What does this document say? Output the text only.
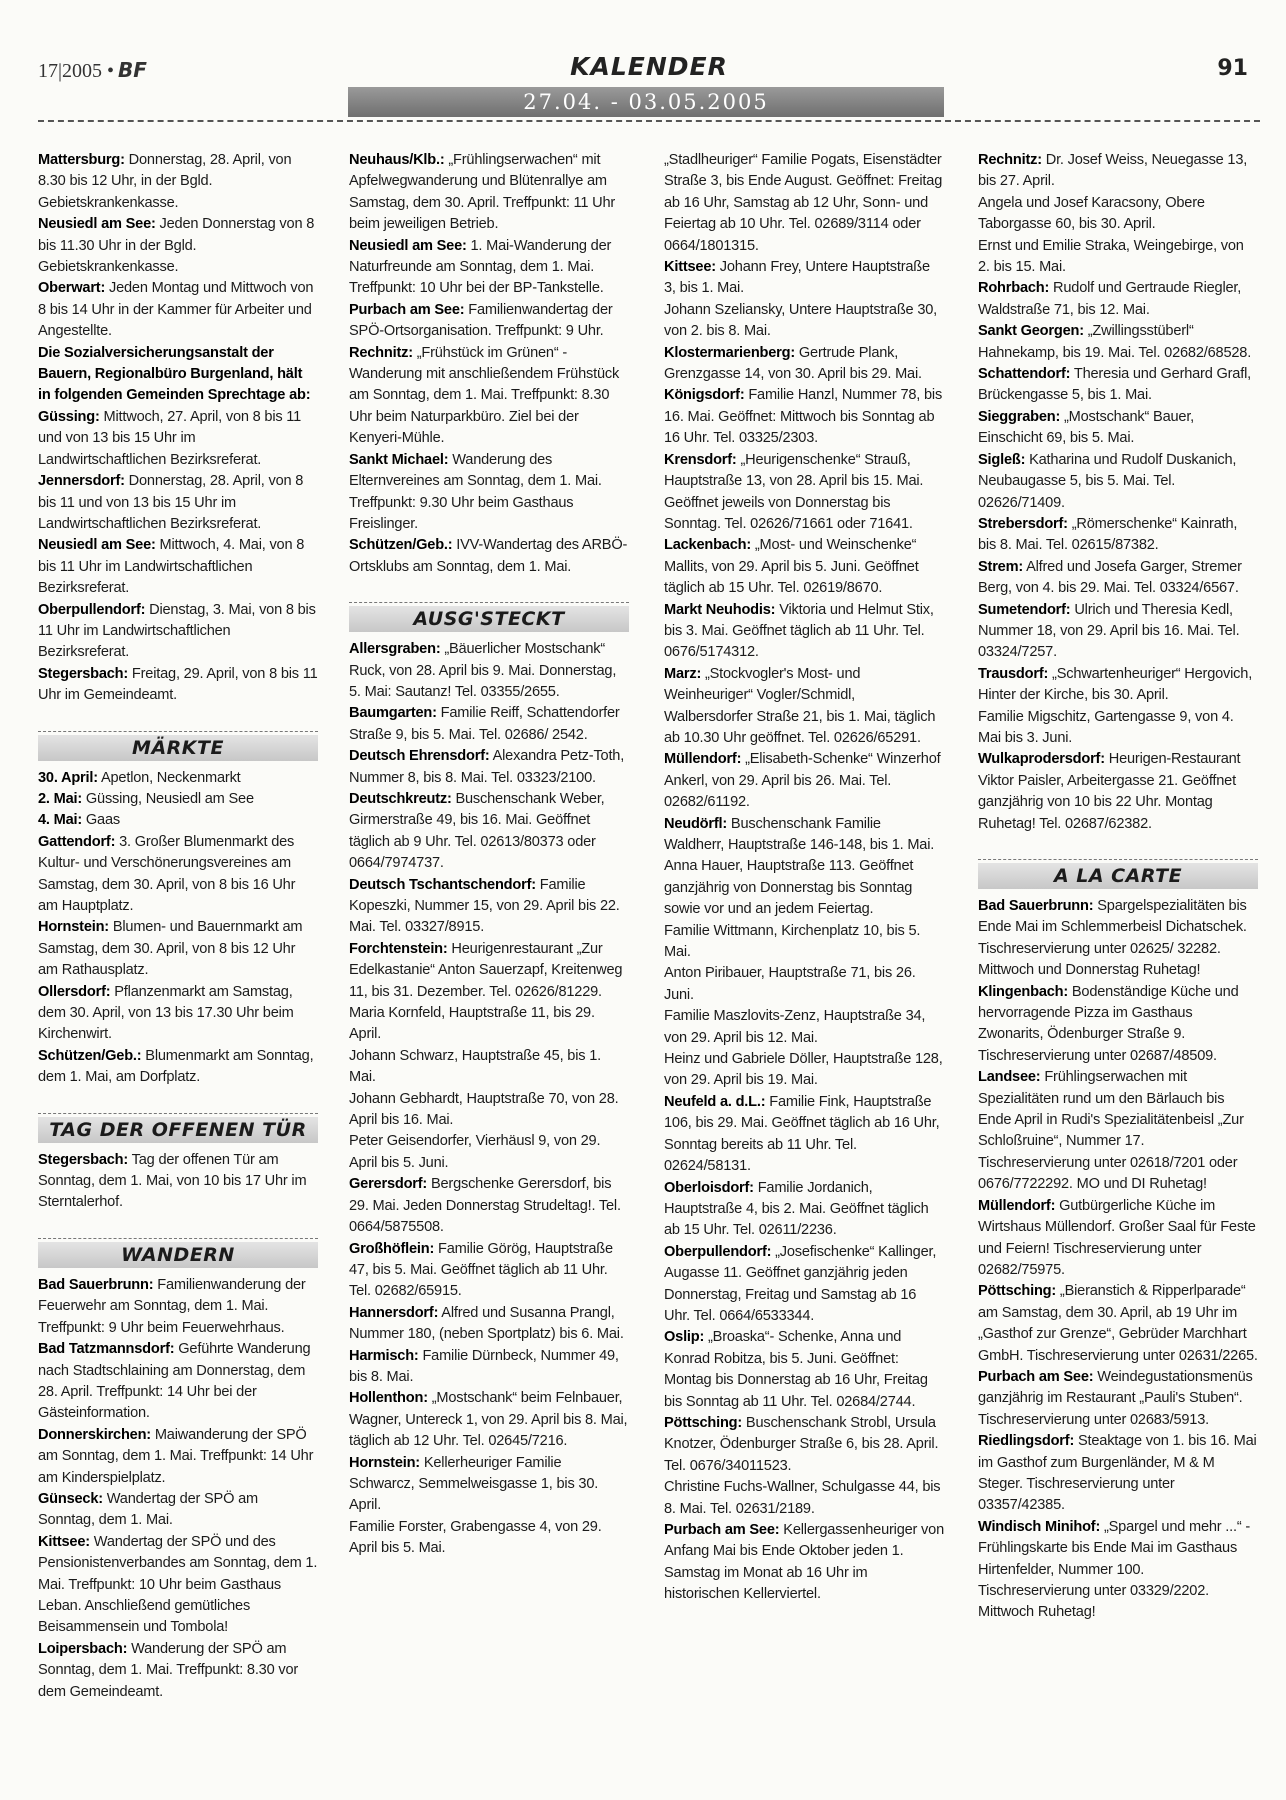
17|2005 • BF	KALENDER	91
27.04. - 03.05.2005

Mattersburg: Donnerstag, 28. April, von 8.30 bis 12 Uhr, in der Bgld. Gebietskrankenkasse.

Neusiedl am See: Jeden Donnerstag von 8 bis 11.30 Uhr in der Bgld. Gebietskrankenkasse.

Oberwart: Jeden Montag und Mittwoch von 8 bis 14 Uhr in der Kammer für Arbeiter und Angestellte.

Die Sozialversicherungsanstalt der Bauern, Regionalbüro Burgenland, hält in folgenden Gemeinden Sprechtage ab:

Güssing: Mittwoch, 27. April, von 8 bis 11 und von 13 bis 15 Uhr im Landwirtschaftlichen Bezirksreferat.

Jennersdorf: Donnerstag, 28. April, von 8 bis 11 und von 13 bis 15 Uhr im Landwirtschaftlichen Bezirksreferat.

Neusiedl am See: Mittwoch, 4. Mai, von 8 bis 11 Uhr im Landwirtschaftlichen Bezirksreferat.

Oberpullendorf: Dienstag, 3. Mai, von 8 bis 11 Uhr im Landwirtschaftlichen Bezirksreferat.

Stegersbach: Freitag, 29. April, von 8 bis 11 Uhr im Gemeindeamt.

MÄRKTE

30. April: Apetlon, Neckenmarkt

2. Mai: Güssing, Neusiedl am See

4. Mai: Gaas

Gattendorf: 3. Großer Blumenmarkt des Kultur- und Verschönerungsvereines am Samstag, dem 30. April, von 8 bis 16 Uhr am Hauptplatz.

Hornstein: Blumen- und Bauernmarkt am Samstag, dem 30. April, von 8 bis 12 Uhr am Rathausplatz.

Ollersdorf: Pflanzenmarkt am Samstag, dem 30. April, von 13 bis 17.30 Uhr beim Kirchenwirt.

Schützen/Geb.: Blumenmarkt am Sonntag, dem 1. Mai, am Dorfplatz.

TAG DER OFFENEN TÜR

Stegersbach: Tag der offenen Tür am Sonntag, dem 1. Mai, von 10 bis 17 Uhr im Sterntalerhof.

WANDERN

Bad Sauerbrunn: Familienwanderung der Feuerwehr am Sonntag, dem 1. Mai. Treffpunkt: 9 Uhr beim Feuerwehrhaus.

Bad Tatzmannsdorf: Geführte Wanderung nach Stadtschlaining am Donnerstag, dem 28. April. Treffpunkt: 14 Uhr bei der Gästeinformation.

Donnerskirchen: Maiwanderung der SPÖ am Sonntag, dem 1. Mai. Treffpunkt: 14 Uhr am Kinderspielplatz.

Günseck: Wandertag der SPÖ am Sonntag, dem 1. Mai.

Kittsee: Wandertag der SPÖ und des Pensionistenverbandes am Sonntag, dem 1. Mai. Treffpunkt: 10 Uhr beim Gasthaus Leban. Anschließend gemütliches Beisammensein und Tombola!

Loipersbach: Wanderung der SPÖ am Sonntag, dem 1. Mai. Treffpunkt: 8.30 vor dem Gemeindeamt.

Neuhaus/Klb.: „Frühlingserwachen“ mit Apfelwegwanderung und Blütenrallye am Samstag, dem 30. April. Treffpunkt: 11 Uhr beim jeweiligen Betrieb.

Neusiedl am See: 1. Mai-Wanderung der Naturfreunde am Sonntag, dem 1. Mai. Treffpunkt: 10 Uhr bei der BP-Tankstelle.

Purbach am See: Familienwandertag der SPÖ-Ortsorganisation. Treffpunkt: 9 Uhr.

Rechnitz: „Frühstück im Grünen“ - Wanderung mit anschließendem Frühstück am Sonntag, dem 1. Mai. Treffpunkt: 8.30 Uhr beim Naturparkbüro. Ziel bei der Kenyeri-Mühle.

Sankt Michael: Wanderung des Elternvereines am Sonntag, dem 1. Mai. Treffpunkt: 9.30 Uhr beim Gasthaus Freislinger.

Schützen/Geb.: IVV-Wandertag des ARBÖ-Ortsklubs am Sonntag, dem 1. Mai.

AUSG'STECKT

Allersgraben: „Bäuerlicher Mostschank“ Ruck, von 28. April bis 9. Mai. Donnerstag, 5. Mai: Sautanz! Tel. 03355/2655.

Baumgarten: Familie Reiff, Schattendorfer Straße 9, bis 5. Mai. Tel. 02686/ 2542.

Deutsch Ehrensdorf: Alexandra Petz-Toth, Nummer 8, bis 8. Mai. Tel. 03323/2100.

Deutschkreutz: Buschenschank Weber, Girmerstraße 49, bis 16. Mai. Geöffnet täglich ab 9 Uhr. Tel. 02613/80373 oder 0664/7974737.

Deutsch Tschantschendorf: Familie Kopeszki, Nummer 15, von 29. April bis 22. Mai. Tel. 03327/8915.

Forchtenstein: Heurigenrestaurant „Zur Edelkastanie“ Anton Sauerzapf, Kreitenweg 11, bis 31. Dezember. Tel. 02626/81229.

Maria Kornfeld, Hauptstraße 11, bis 29. April.

Johann Schwarz, Hauptstraße 45, bis 1. Mai.

Johann Gebhardt, Hauptstraße 70, von 28. April bis 16. Mai.

Peter Geisendorfer, Vierhäusl 9, von 29. April bis 5. Juni.

Gerersdorf: Bergschenke Gerersdorf, bis 29. Mai. Jeden Donnerstag Strudeltag!. Tel. 0664/5875508.

Großhöflein: Familie Görög, Hauptstraße 47, bis 5. Mai. Geöffnet täglich ab 11 Uhr. Tel. 02682/65915.

Hannersdorf: Alfred und Susanna Prangl, Nummer 180, (neben Sportplatz) bis 6. Mai.

Harmisch: Familie Dürnbeck, Nummer 49, bis 8. Mai.

Hollenthon: „Mostschank“ beim Felnbauer, Wagner, Untereck 1, von 29. April bis 8. Mai, täglich ab 12 Uhr. Tel. 02645/7216.

Hornstein: Kellerheuriger Familie Schwarcz, Semmelweisgasse 1, bis 30. April.

Familie Forster, Grabengasse 4, von 29. April bis 5. Mai.

„Stadlheuriger“ Familie Pogats, Eisenstädter Straße 3, bis Ende August. Geöffnet: Freitag ab 16 Uhr, Samstag ab 12 Uhr, Sonn- und Feiertag ab 10 Uhr. Tel. 02689/3114 oder 0664/1801315.

Kittsee: Johann Frey, Untere Hauptstraße 3, bis 1. Mai.

Johann Szeliansky, Untere Hauptstraße 30, von 2. bis 8. Mai.

Klostermarienberg: Gertrude Plank, Grenzgasse 14, von 30. April bis 29. Mai.

Königsdorf: Familie Hanzl, Nummer 78, bis 16. Mai. Geöffnet: Mittwoch bis Sonntag ab 16 Uhr. Tel. 03325/2303.

Krensdorf: „Heurigenschenke“ Strauß, Hauptstraße 13, von 28. April bis 15. Mai. Geöffnet jeweils von Donnerstag bis Sonntag. Tel. 02626/71661 oder 71641.

Lackenbach: „Most- und Weinschenke“ Mallits, von 29. April bis 5. Juni. Geöffnet täglich ab 15 Uhr. Tel. 02619/8670.

Markt Neuhodis: Viktoria und Helmut Stix, bis 3. Mai. Geöffnet täglich ab 11 Uhr. Tel. 0676/5174312.

Marz: „Stockvogler's Most- und Weinheuriger“ Vogler/Schmidl, Walbersdorfer Straße 21, bis 1. Mai, täglich ab 10.30 Uhr geöffnet. Tel. 02626/65291.

Müllendorf: „Elisabeth-Schenke“ Winzerhof Ankerl, von 29. April bis 26. Mai. Tel. 02682/61192.

Neudörfl: Buschenschank Familie Waldherr, Hauptstraße 146-148, bis 1. Mai.

Anna Hauer, Hauptstraße 113. Geöffnet ganzjährig von Donnerstag bis Sonntag sowie vor und an jedem Feiertag.

Familie Wittmann, Kirchenplatz 10, bis 5. Mai.

Anton Piribauer, Hauptstraße 71, bis 26. Juni.

Familie Maszlovits-Zenz, Hauptstraße 34, von 29. April bis 12. Mai.

Heinz und Gabriele Döller, Hauptstraße 128, von 29. April bis 19. Mai.

Neufeld a. d.L.: Familie Fink, Hauptstraße 106, bis 29. Mai. Geöffnet täglich ab 16 Uhr, Sonntag bereits ab 11 Uhr. Tel. 02624/58131.

Oberloisdorf: Familie Jordanich, Hauptstraße 4, bis 2. Mai. Geöffnet täglich ab 15 Uhr. Tel. 02611/2236.

Oberpullendorf: „Josefischenke“ Kallinger, Augasse 11. Geöffnet ganzjährig jeden Donnerstag, Freitag und Samstag ab 16 Uhr. Tel. 0664/6533344.

Oslip: „Broaska“- Schenke, Anna und Konrad Robitza, bis 5. Juni. Geöffnet: Montag bis Donnerstag ab 16 Uhr, Freitag bis Sonntag ab 11 Uhr. Tel. 02684/2744.

Pöttsching: Buschenschank Strobl, Ursula Knotzer, Ödenburger Straße 6, bis 28. April. Tel. 0676/34011523.

Christine Fuchs-Wallner, Schulgasse 44, bis 8. Mai. Tel. 02631/2189.

Purbach am See: Kellergassenheuriger von Anfang Mai bis Ende Oktober jeden 1. Samstag im Monat ab 16 Uhr im historischen Kellerviertel.

Rechnitz: Dr. Josef Weiss, Neuegasse 13, bis 27. April.

Angela und Josef Karacsony, Obere Taborgasse 60, bis 30. April.

Ernst und Emilie Straka, Weingebirge, von 2. bis 15. Mai.

Rohrbach: Rudolf und Gertraude Riegler, Waldstraße 71, bis 12. Mai.

Sankt Georgen: „Zwillingsstüberl“ Hahnekamp, bis 19. Mai. Tel. 02682/68528.

Schattendorf: Theresia und Gerhard Grafl, Brückengasse 5, bis 1. Mai.

Sieggraben: „Mostschank“ Bauer, Einschicht 69, bis 5. Mai.

Sigleß: Katharina und Rudolf Duskanich, Neubaugasse 5, bis 5. Mai. Tel. 02626/71409.

Strebersdorf: „Römerschenke“ Kainrath, bis 8. Mai. Tel. 02615/87382.

Strem: Alfred und Josefa Garger, Stremer Berg, von 4. bis 29. Mai. Tel. 03324/6567.

Sumetendorf: Ulrich und Theresia Kedl, Nummer 18, von 29. April bis 16. Mai. Tel. 03324/7257.

Trausdorf: „Schwartenheuriger“ Hergovich, Hinter der Kirche, bis 30. April.

Familie Migschitz, Gartengasse 9, von 4. Mai bis 3. Juni.

Wulkaprodersdorf: Heurigen-Restaurant Viktor Paisler, Arbeitergasse 21. Geöffnet ganzjährig von 10 bis 22 Uhr. Montag Ruhetag! Tel. 02687/62382.

A LA CARTE

Bad Sauerbrunn: Spargelspezialitäten bis Ende Mai im Schlemmerbeisl Dichatschek. Tischreservierung unter 02625/ 32282. Mittwoch und Donnerstag Ruhetag!

Klingenbach: Bodenständige Küche und hervorragende Pizza im Gasthaus Zwonarits, Ödenburger Straße 9. Tischreservierung unter 02687/48509.

Landsee: Frühlingserwachen mit Spezialitäten rund um den Bärlauch bis Ende April in Rudi's Spezialitätenbeisl „Zur Schloßruine“, Nummer 17. Tischreservierung unter 02618/7201 oder 0676/7722292. MO und DI Ruhetag!

Müllendorf: Gutbürgerliche Küche im Wirtshaus Müllendorf. Großer Saal für Feste und Feiern! Tischreservierung unter 02682/75975.

Pöttsching: „Bieranstich & Ripperlparade“ am Samstag, dem 30. April, ab 19 Uhr im „Gasthof zur Grenze“, Gebrüder Marchhart GmbH. Tischreservierung unter 02631/2265.

Purbach am See: Weindegustationsmenüs ganzjährig im Restaurant „Pauli's Stuben“. Tischreservierung unter 02683/5913.

Riedlingsdorf: Steaktage von 1. bis 16. Mai im Gasthof zum Burgenländer, M & M Steger. Tischreservierung unter 03357/42385.

Windisch Minihof: „Spargel und mehr ...“ - Frühlingskarte bis Ende Mai im Gasthaus Hirtenfelder, Nummer 100. Tischreservierung unter 03329/2202. Mittwoch Ruhetag!
